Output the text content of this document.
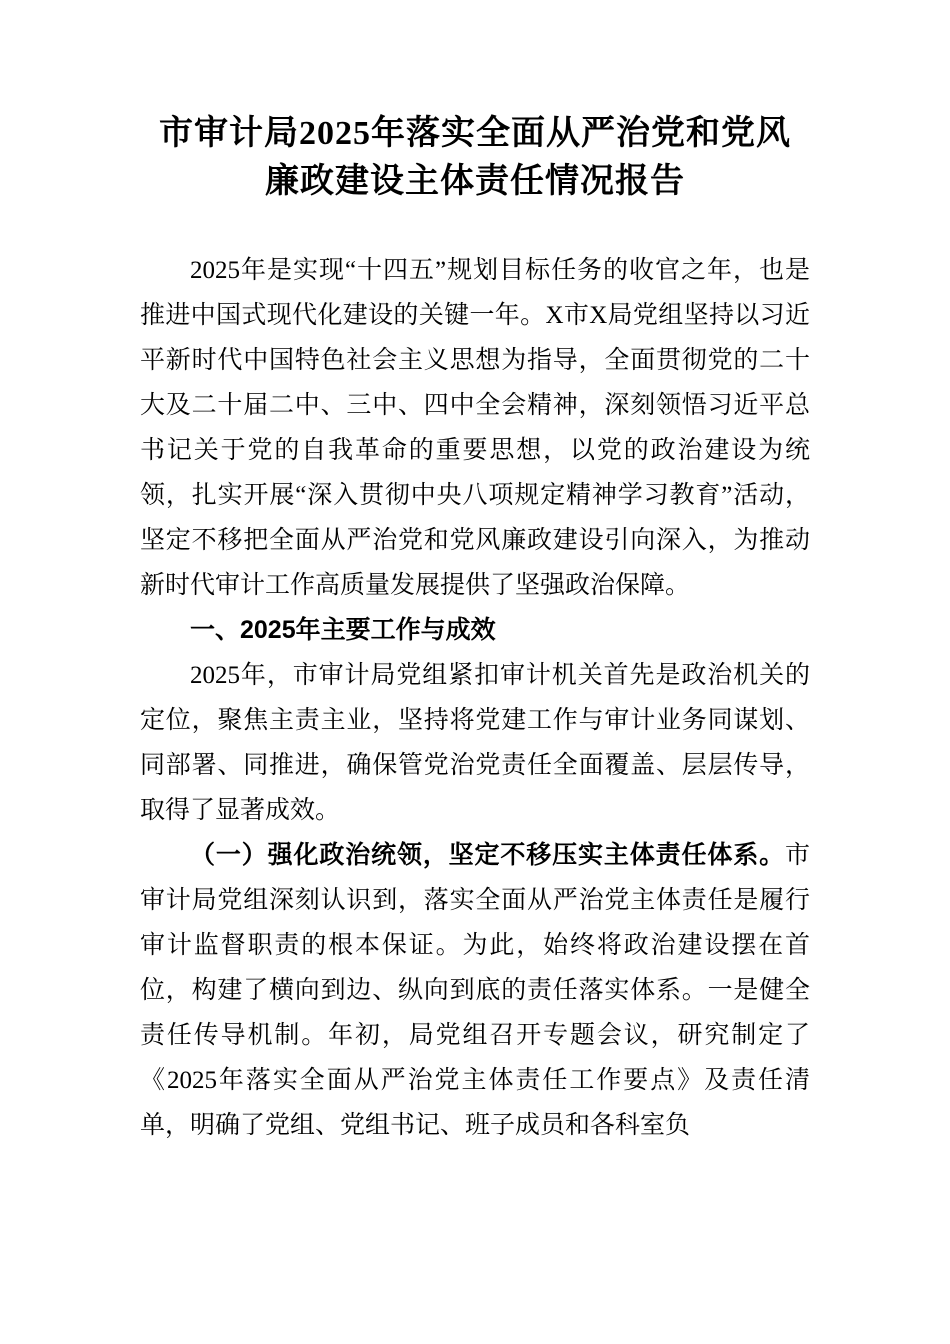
市审计局2025年落实全面从严治党和党风
廉政建设主体责任情况报告

2025年是实现“十四五”规划目标任务的收官之年，也是推进中国式现代化建设的关键一年。X市X局党组坚持以习近平新时代中国特色社会主义思想为指导，全面贯彻党的二十大及二十届二中、三中、四中全会精神，深刻领悟习近平总书记关于党的自我革命的重要思想，以党的政治建设为统领，扎实开展“深入贯彻中央八项规定精神学习教育”活动，坚定不移把全面从严治党和党风廉政建设引向深入，为推动新时代审计工作高质量发展提供了坚强政治保障。

一、2025年主要工作与成效

2025年，市审计局党组紧扣审计机关首先是政治机关的定位，聚焦主责主业，坚持将党建工作与审计业务同谋划、同部署、同推进，确保管党治党责任全面覆盖、层层传导，取得了显著成效。

（一）强化政治统领，坚定不移压实主体责任体系。市审计局党组深刻认识到，落实全面从严治党主体责任是履行审计监督职责的根本保证。为此，始终将政治建设摆在首位，构建了横向到边、纵向到底的责任落实体系。一是健全责任传导机制。年初，局党组召开专题会议，研究制定了《2025年落实全面从严治党主体责任工作要点》及责任清单，明确了党组、党组书记、班子成员和各科室负
